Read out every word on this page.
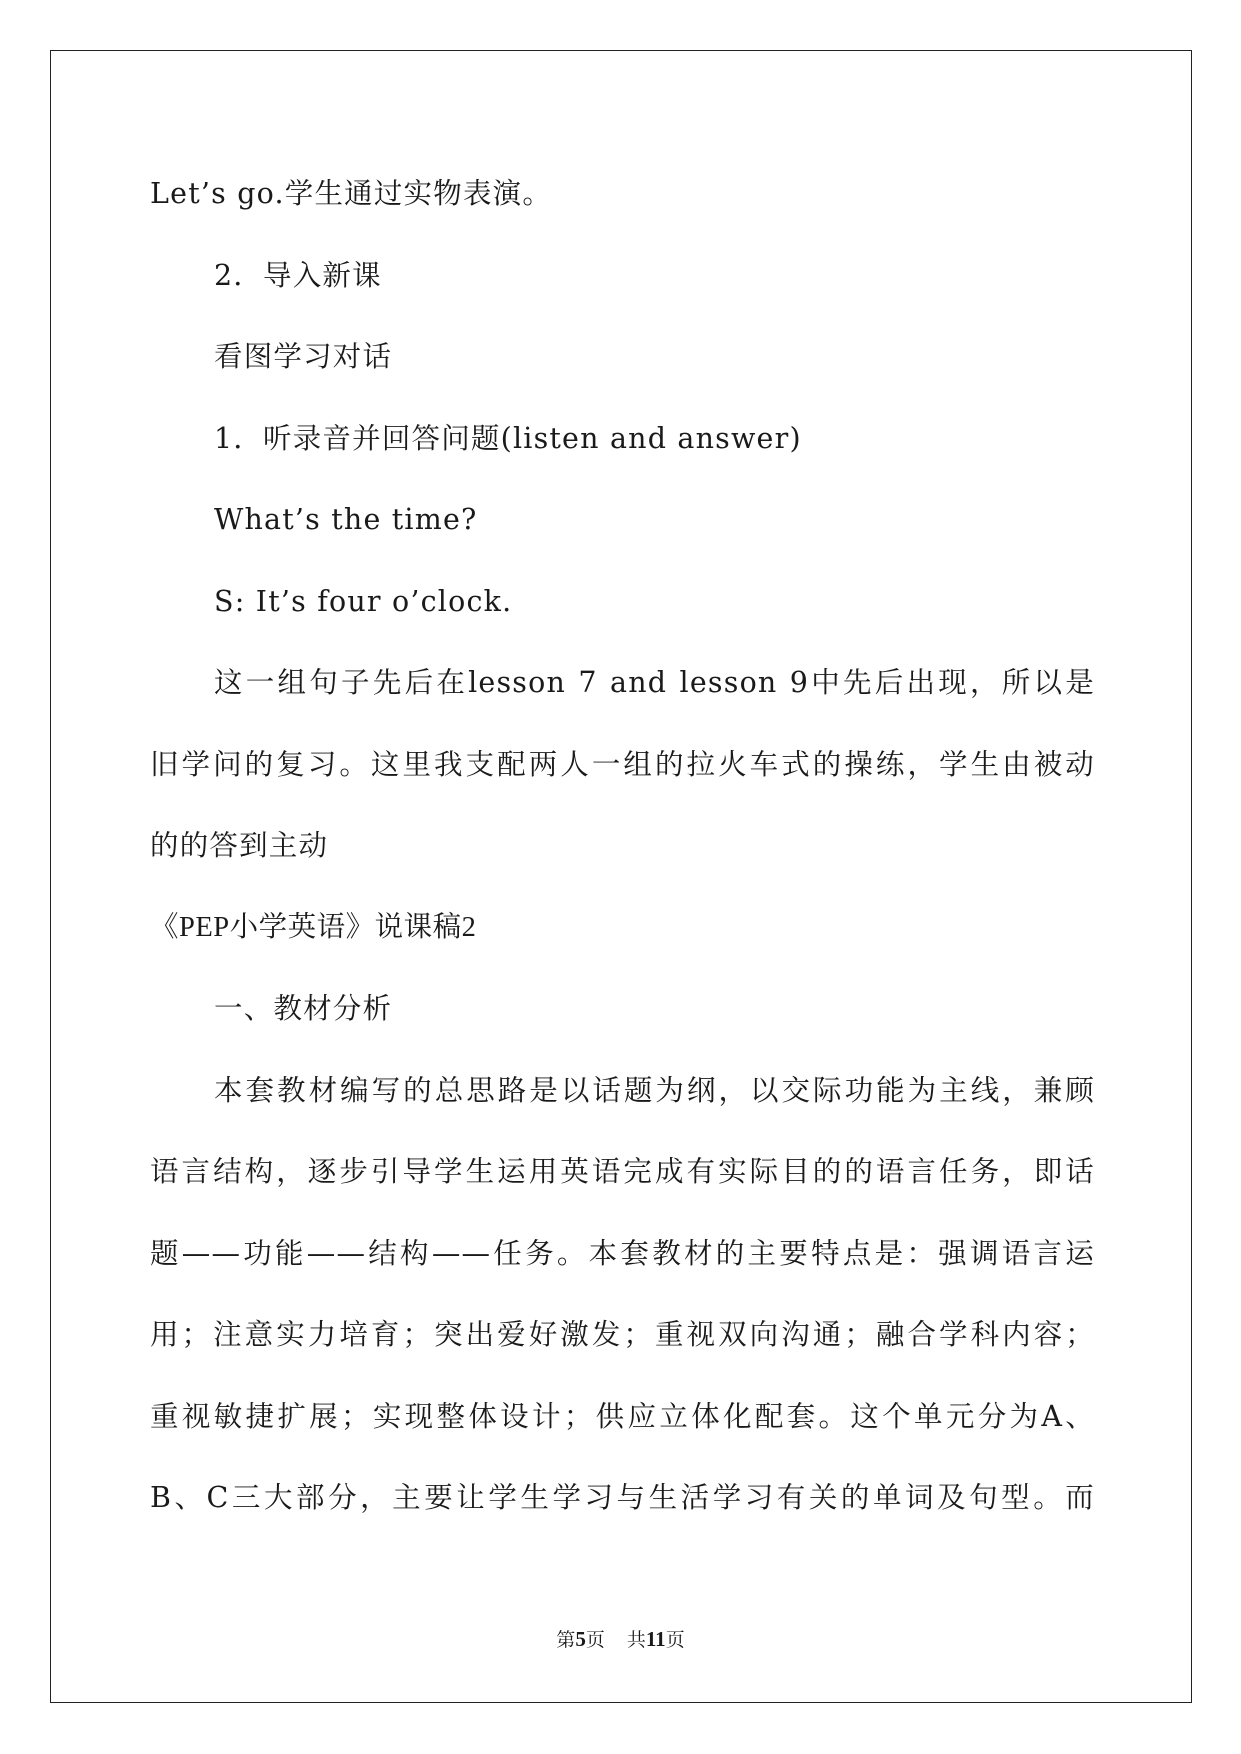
Let’s go.学生通过实物表演。
2．导入新课
看图学习对话
1．听录音并回答问题(listen and answer)
What’s the time?
S: It’s four o’clock.
这一组句子先后在lesson 7 and lesson 9中先后出现，所以是
旧学问的复习。这里我支配两人一组的拉火车式的操练，学生由被动
的的答到主动
《PEP小学英语》说课稿2
一、教材分析
本套教材编写的总思路是以话题为纲，以交际功能为主线，兼顾
语言结构，逐步引导学生运用英语完成有实际目的的语言任务，即话
题——功能——结构——任务。本套教材的主要特点是：强调语言运
用；注意实力培育；突出爱好激发；重视双向沟通；融合学科内容；
重视敏捷扩展；实现整体设计；供应立体化配套。这个单元分为A、
B、C三大部分，主要让学生学习与生活学习有关的单词及句型。而
第5页 共11页
